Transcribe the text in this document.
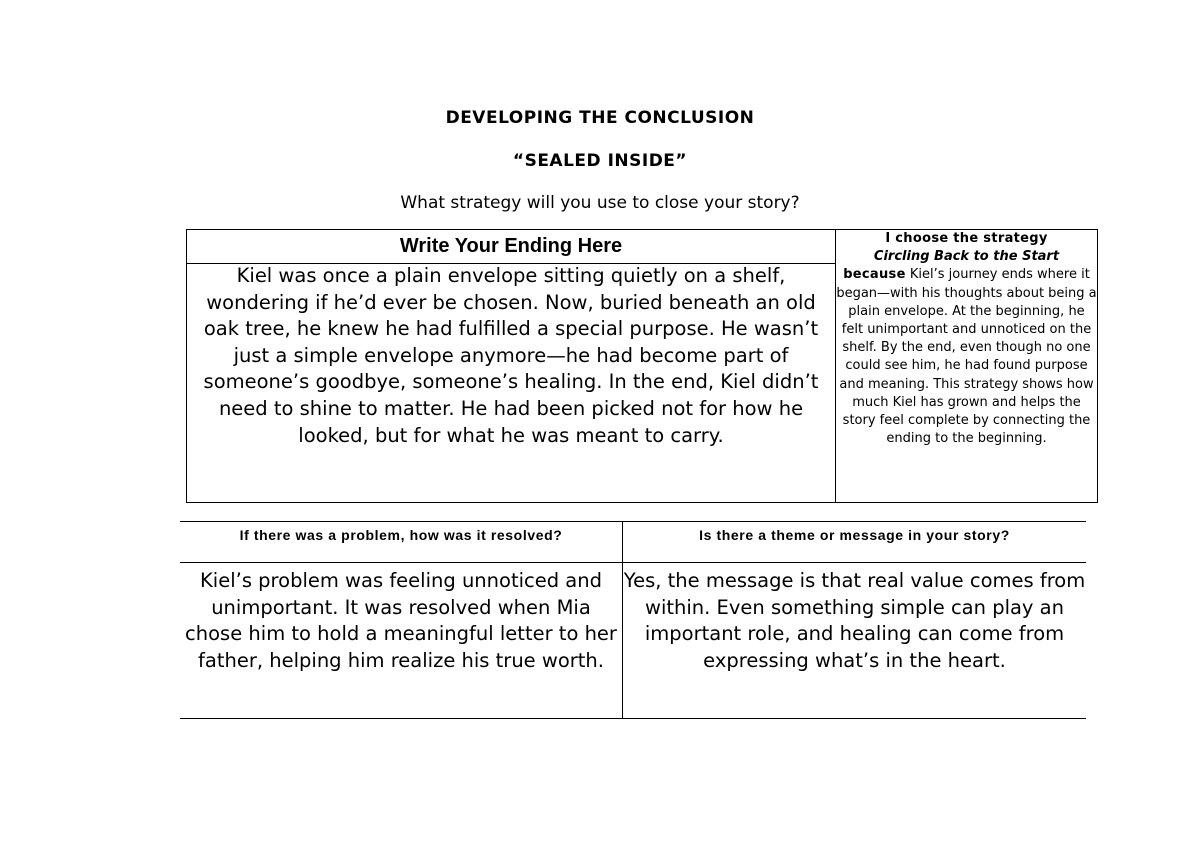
DEVELOPING THE CONCLUSION
“SEALED INSIDE”
What strategy will you use to close your story?
Write Your Ending Here
Kiel was once a plain envelope sitting quietly on a shelf, wondering if he’d ever be chosen. Now, buried beneath an old oak tree, he knew he had fulfilled a special purpose. He wasn’t just a simple envelope anymore—he had become part of someone’s goodbye, someone’s healing. In the end, Kiel didn’t need to shine to matter. He had been picked not for how he looked, but for what he was meant to carry.
I choose the strategy
Circling Back to the Start
because Kiel’s journey ends where it began—with his thoughts about being a plain envelope. At the beginning, he felt unimportant and unnoticed on the shelf. By the end, even though no one could see him, he had found purpose and meaning. This strategy shows how much Kiel has grown and helps the story feel complete by connecting the ending to the beginning.
If there was a problem, how was it resolved?
Kiel’s problem was feeling unnoticed and unimportant. It was resolved when Mia chose him to hold a meaningful letter to her father, helping him realize his true worth.
Is there a theme or message in your story?
Yes, the message is that real value comes from within. Even something simple can play an important role, and healing can come from expressing what’s in the heart.
